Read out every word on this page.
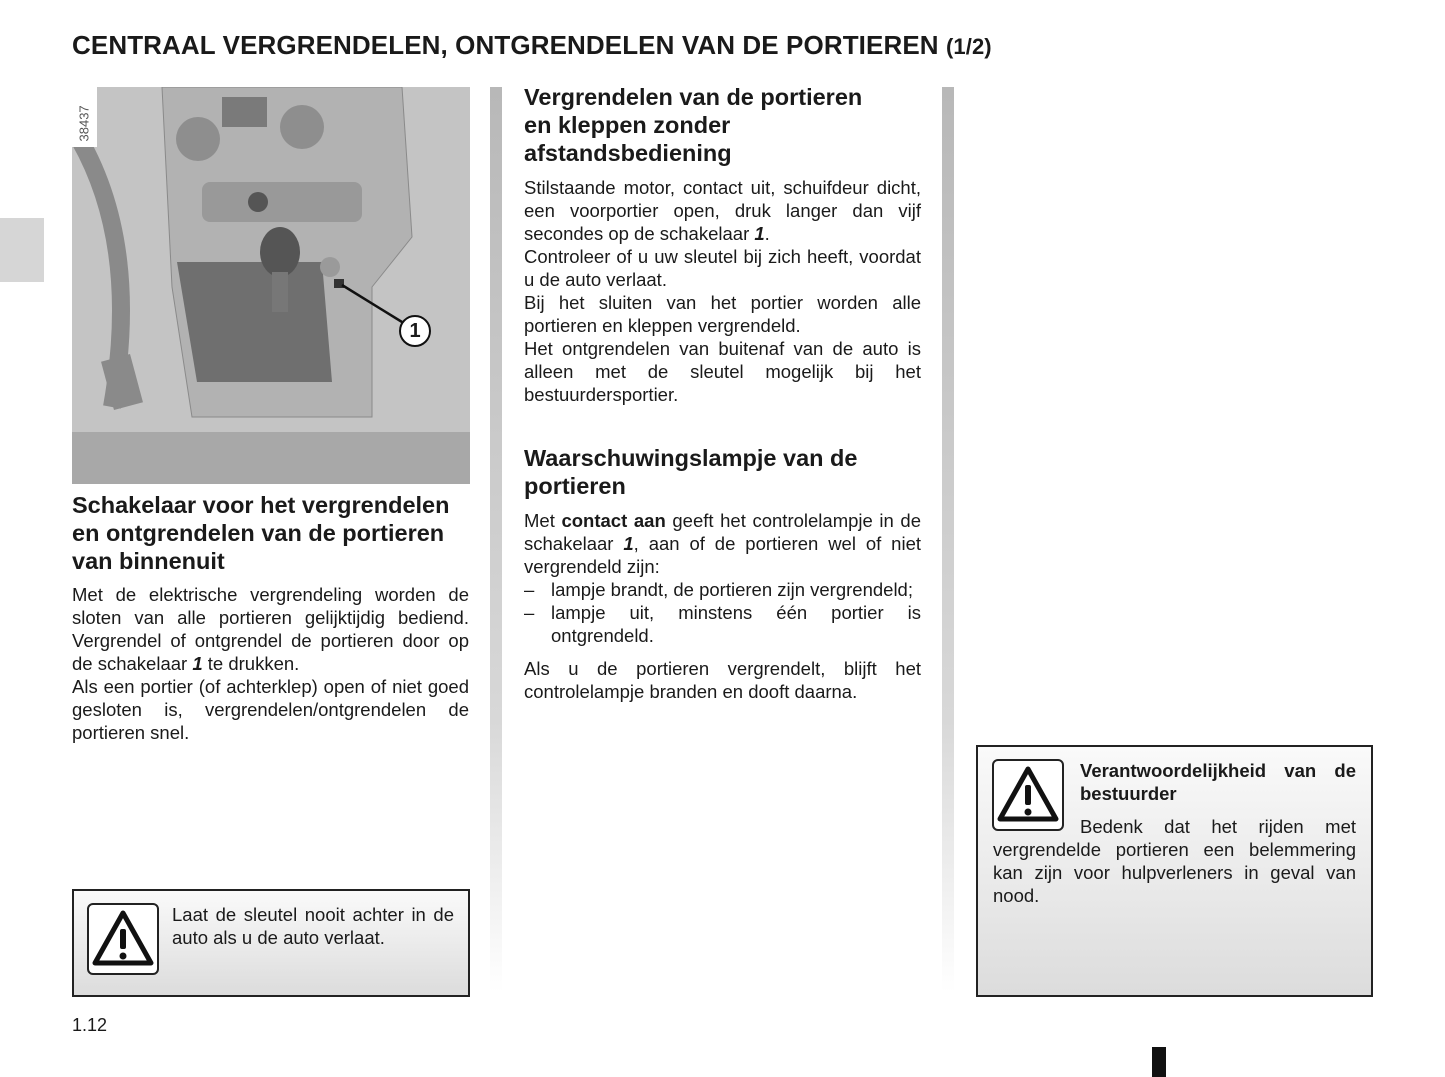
CENTRAAL VERGRENDELEN, ONTGRENDELEN VAN DE PORTIEREN (1/2)
38437
1
Schakelaar voor het vergrendelen en ontgrendelen van de portieren van binnenuit

Met de elektrische vergrendeling worden de sloten van alle portieren gelijktijdig bediend. Vergrendel of ontgrendel de portieren door op de schakelaar 1 te drukken.

Als een portier (of achterklep) open of niet goed gesloten is, vergrendelen/ontgrendelen de portieren snel.

Vergrendelen van de portieren en kleppen zonder afstandsbediening

Stilstaande motor, contact uit, schuifdeur dicht, een voorportier open, druk langer dan vijf secondes op de schakelaar 1.

Controleer of u uw sleutel bij zich heeft, voordat u de auto verlaat.

Bij het sluiten van het portier worden alle portieren en kleppen vergrendeld.

Het ontgrendelen van buitenaf van de auto is alleen met de sleutel mogelijk bij het bestuurdersportier.

Waarschuwingslampje van de portieren

Met contact aan geeft het controlelampje in de schakelaar 1, aan of de portieren wel of niet vergrendeld zijn:

– lampje brandt, de portieren zijn vergrendeld;
– lampje uit, minstens één portier is ontgrendeld.

Als u de portieren vergrendelt, blijft het controlelampje branden en dooft daarna.

Laat de sleutel nooit achter in de auto als u de auto verlaat.

Verantwoordelijkheid van de bestuurder

Bedenk dat het rijden met vergrendelde portieren een belemmering kan zijn voor hulpverleners in geval van nood.

1.12
